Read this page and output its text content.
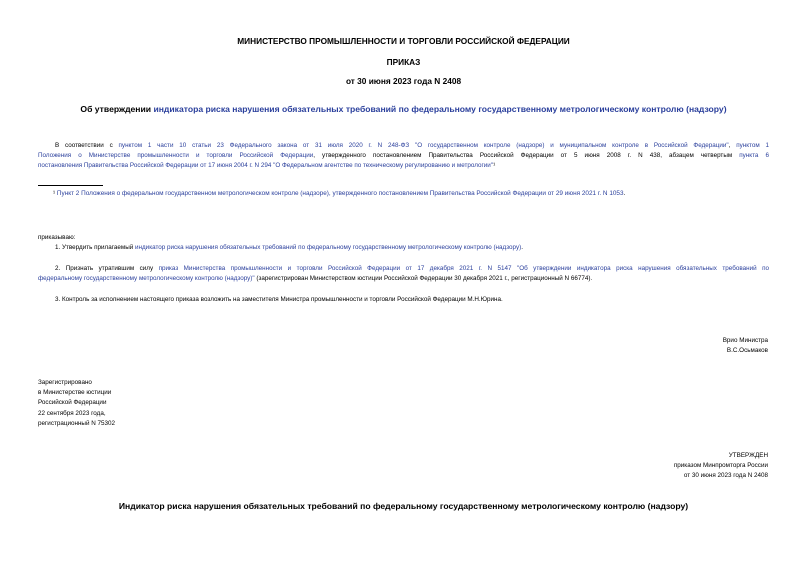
МИНИСТЕРСТВО ПРОМЫШЛЕННОСТИ И ТОРГОВЛИ РОССИЙСКОЙ ФЕДЕРАЦИИ
ПРИКАЗ
от 30 июня 2023 года N 2408
Об утверждении индикатора риска нарушения обязательных требований по федеральному государственному метрологическому контролю (надзору)
В соответствии с пунктом 1 части 10 статьи 23 Федерального закона от 31 июля 2020 г. N 248-ФЗ "О государственном контроле (надзоре) и муниципальном контроле в Российской Федерации", пунктом 1
Положения о Министерстве промышленности и торговли Российской Федерации, утвержденного постановлением Правительства Российской Федерации от 5 июня 2008 г. N 438, абзацем четвертым пункта 6
постановления Правительства Российской Федерации от 17 июня 2004 г. N 294 "О Федеральном агентстве по техническому регулированию и метрологии"¹
¹ Пункт 2 Положения о федеральном государственном метрологическом контроле (надзоре), утвержденного постановлением Правительства Российской Федерации от 29 июня 2021 г. N 1053.
приказываю:
1. Утвердить прилагаемый индикатор риска нарушения обязательных требований по федеральному государственному метрологическому контролю (надзору).
2. Признать утратившим силу приказ Министерства промышленности и торговли Российской Федерации от 17 декабря 2021 г. N 5147 "Об утверждении индикатора риска нарушения обязательных требований по
федеральному государственному метрологическому контролю (надзору)" (зарегистрирован Министерством юстиции Российской Федерации 30 декабря 2021 г., регистрационный N 66774).
3. Контроль за исполнением настоящего приказа возложить на заместителя Министра промышленности и торговли Российской Федерации М.Н.Юрина.
Врио Министра
В.С.Осьмаков
Зарегистрировано
в Министерстве юстиции
Российской Федерации
22 сентября 2023 года,
регистрационный N 75302
УТВЕРЖДЕН
приказом Минпромторга России
от 30 июня 2023 года N 2408
Индикатор риска нарушения обязательных требований по федеральному государственному метрологическому контролю (надзору)
